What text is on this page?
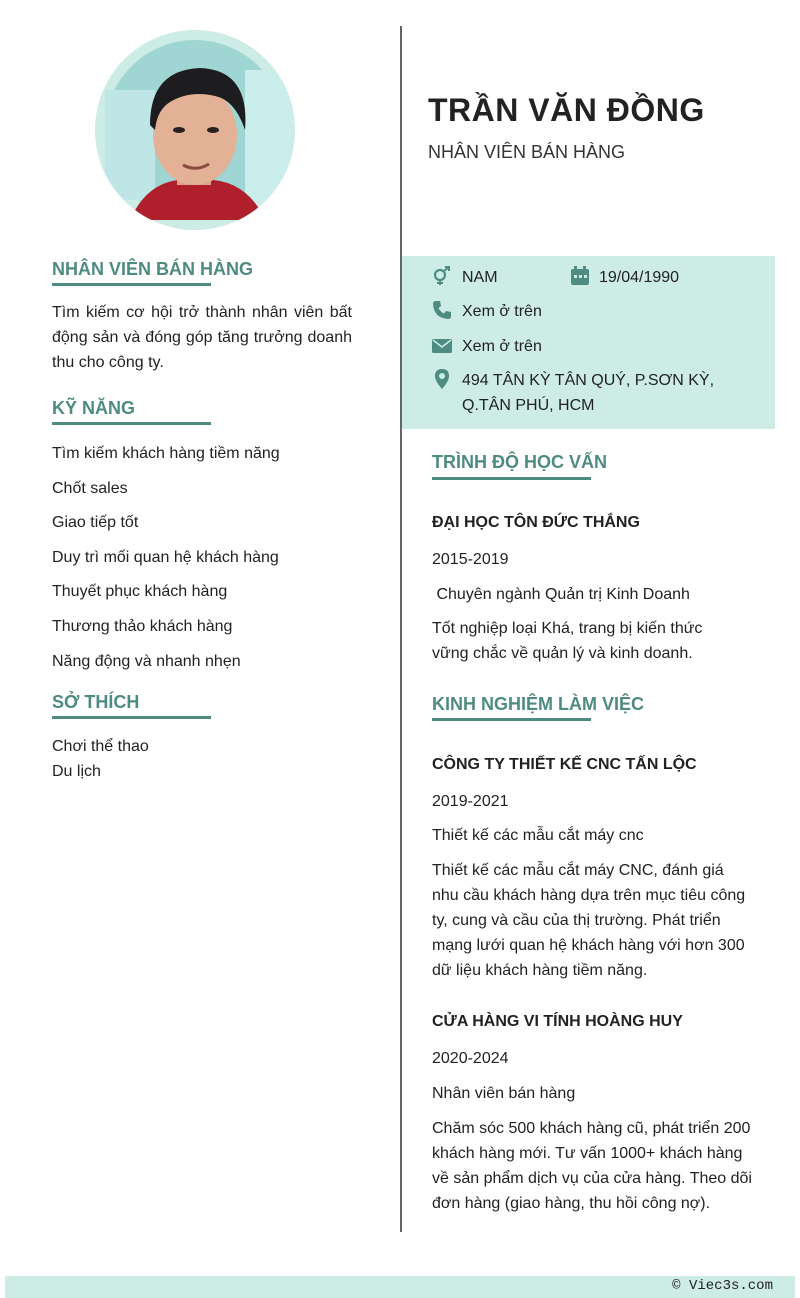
TRẦN VĂN ĐỒNG
NHÂN VIÊN BÁN HÀNG
NAM	19/04/1990
Xem ở trên
Xem ở trên
494 TÂN KỲ TÂN QUÝ, P.SƠN KỲ, Q.TÂN PHÚ, HCM
NHÂN VIÊN BÁN HÀNG

Tìm kiếm cơ hội trở thành nhân viên bất động sản và đóng góp tăng trưởng doanh thu cho công ty.

KỸ NĂNG
Tìm kiếm khách hàng tiềm năng
Chốt sales
Giao tiếp tốt
Duy trì mối quan hệ khách hàng
Thuyết phục khách hàng
Thương thảo khách hàng
Năng động và nhanh nhẹn
SỞ THÍCH
Chơi thể thao
Du lịch
TRÌNH ĐỘ HỌC VẤN
ĐẠI HỌC TÔN ĐỨC THẮNG
2015-2019
Chuyên ngành Quản trị Kinh Doanh

Tốt nghiệp loại Khá, trang bị kiến thức vững chắc về quản lý và kinh doanh.

KINH NGHIỆM LÀM VIỆC
CÔNG TY THIẾT KẾ CNC TẤN LỘC
2019-2021
Thiết kế các mẫu cắt máy cnc

Thiết kế các mẫu cắt máy CNC, đánh giá nhu cầu khách hàng dựa trên mục tiêu công ty, cung và cầu của thị trường. Phát triển mạng lưới quan hệ khách hàng với hơn 300 dữ liệu khách hàng tiềm năng.

CỬA HÀNG VI TÍNH HOÀNG HUY
2020-2024
Nhân viên bán hàng

Chăm sóc 500 khách hàng cũ, phát triển 200 khách hàng mới. Tư vấn 1000+ khách hàng về sản phẩm dịch vụ của cửa hàng. Theo dõi đơn hàng (giao hàng, thu hồi công nợ).

© Viec3s.com
